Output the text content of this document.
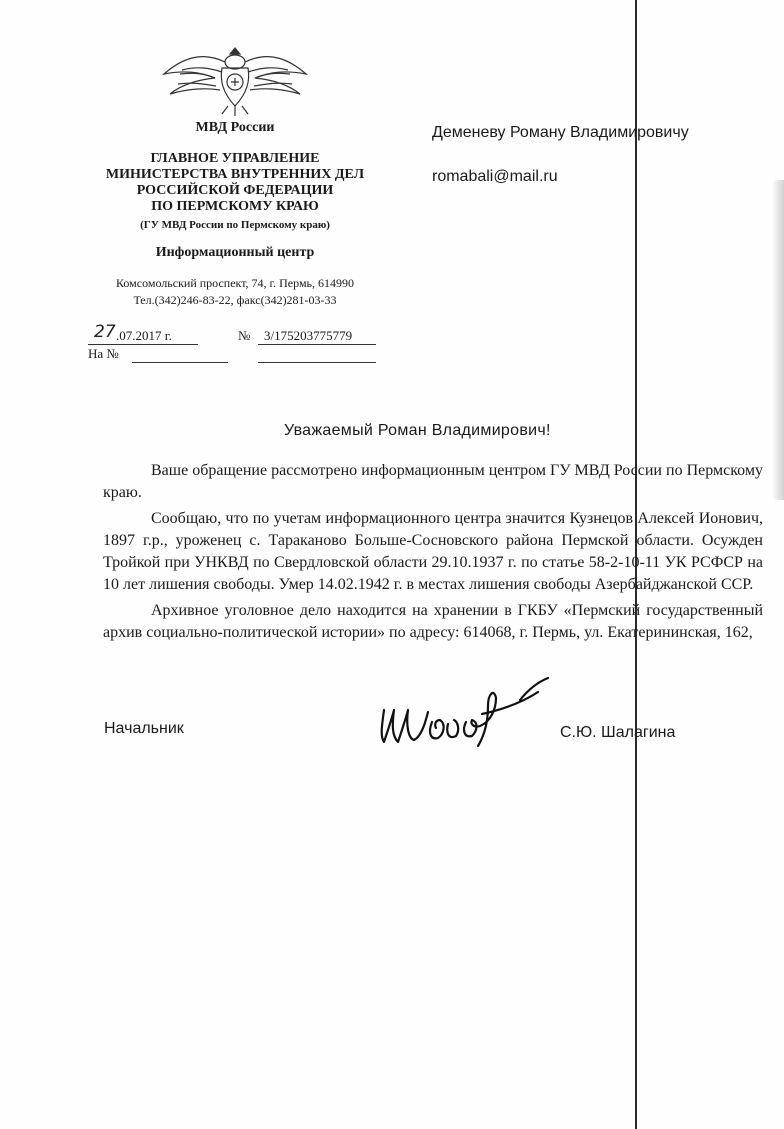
МВД России
ГЛАВНОЕ УПРАВЛЕНИЕ
МИНИСТЕРСТВА ВНУТРЕННИХ ДЕЛ
РОССИЙСКОЙ ФЕДЕРАЦИИ
ПО ПЕРМСКОМУ КРАЮ
(ГУ МВД России по Пермскому краю)
Информационный центр
Комсомольский проспект, 74, г. Пермь, 614990
Тел.(342)246-83-22, факс(342)281-03-33
27 .07.2017 г.	№ 3/175203775779
На №
Деменеву Роману Владимировичу
romabali@mail.ru
Уважаемый Роман Владимирович!

Ваше обращение рассмотрено информационным центром ГУ МВД России по Пермскому краю.

Сообщаю, что по учетам информационного центра значится Кузнецов Алексей Ионович, 1897 г.р., уроженец с. Тараканово Больше-Сосновского района Пермской области. Осужден Тройкой при УНКВД по Свердловской области 29.10.1937 г. по статье 58-2-10-11 УК РСФСР на 10 лет лишения свободы. Умер 14.02.1942 г. в местах лишения свободы Азербайджанской ССР.

Архивное уголовное дело находится на хранении в ГКБУ «Пермский государственный архив социально-политической истории» по адресу: 614068, г. Пермь, ул. Екатерининская, 162,

Начальник	С.Ю. Шалагина
